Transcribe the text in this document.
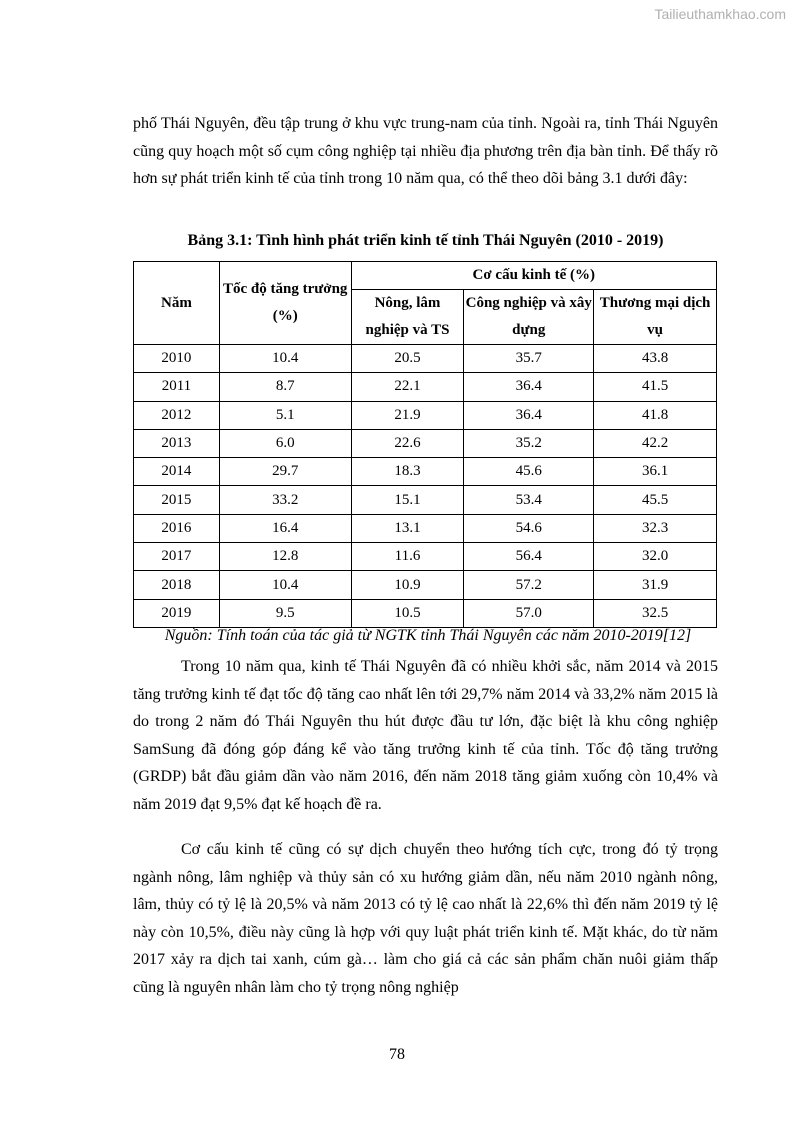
Tailieuthamkhao.com

phố Thái Nguyên, đều tập trung ở khu vực trung-nam của tỉnh. Ngoài ra, tỉnh Thái Nguyên cũng quy hoạch một số cụm công nghiệp tại nhiều địa phương trên địa bàn tỉnh. Để thấy rõ hơn sự phát triển kinh tế của tỉnh trong 10 năm qua, có thể theo dõi bảng 3.1 dưới đây:

Bảng 3.1: Tình hình phát triển kinh tế tỉnh Thái Nguyên (2010 - 2019)

Năm	Tốc độ tăng trưởng (%)	Cơ cấu kinh tế (%)		
		Nông, lâm nghiệp và TS	Công nghiệp và xây dựng	Thương mại dịch vụ
2010	10.4	20.5	35.7	43.8
2011	8.7	22.1	36.4	41.5
2012	5.1	21.9	36.4	41.8
2013	6.0	22.6	35.2	42.2
2014	29.7	18.3	45.6	36.1
2015	33.2	15.1	53.4	45.5
2016	16.4	13.1	54.6	32.3
2017	12.8	11.6	56.4	32.0
2018	10.4	10.9	57.2	31.9
2019	9.5	10.5	57.0	32.5

Nguồn: Tính toán của tác giả từ NGTK tỉnh Thái Nguyên các năm 2010-2019[12]

Trong 10 năm qua, kinh tế Thái Nguyên đã có nhiều khởi sắc, năm 2014 và 2015 tăng trưởng kinh tế đạt tốc độ tăng cao nhất lên tới 29,7% năm 2014 và 33,2% năm 2015 là do trong 2 năm đó Thái Nguyên thu hút được đầu tư lớn, đặc biệt là khu công nghiệp SamSung đã đóng góp đáng kể vào tăng trưởng kinh tế của tỉnh. Tốc độ tăng trưởng (GRDP) bắt đầu giảm dần vào năm 2016, đến năm 2018 tăng giảm xuống còn 10,4% và năm 2019 đạt 9,5% đạt kế hoạch đề ra.

Cơ cấu kinh tế cũng có sự dịch chuyển theo hướng tích cực, trong đó tỷ trọng ngành nông, lâm nghiệp và thủy sản có xu hướng giảm dần, nếu năm 2010 ngành nông, lâm, thủy có tỷ lệ là 20,5% và năm 2013 có tỷ lệ cao nhất là 22,6% thì đến năm 2019 tỷ lệ này còn 10,5%, điều này cũng là hợp với quy luật phát triển kinh tế. Mặt khác, do từ năm 2017 xảy ra dịch tai xanh, cúm gà… làm cho giá cả các sản phẩm chăn nuôi giảm thấp cũng là nguyên nhân làm cho tỷ trọng nông nghiệp

78
